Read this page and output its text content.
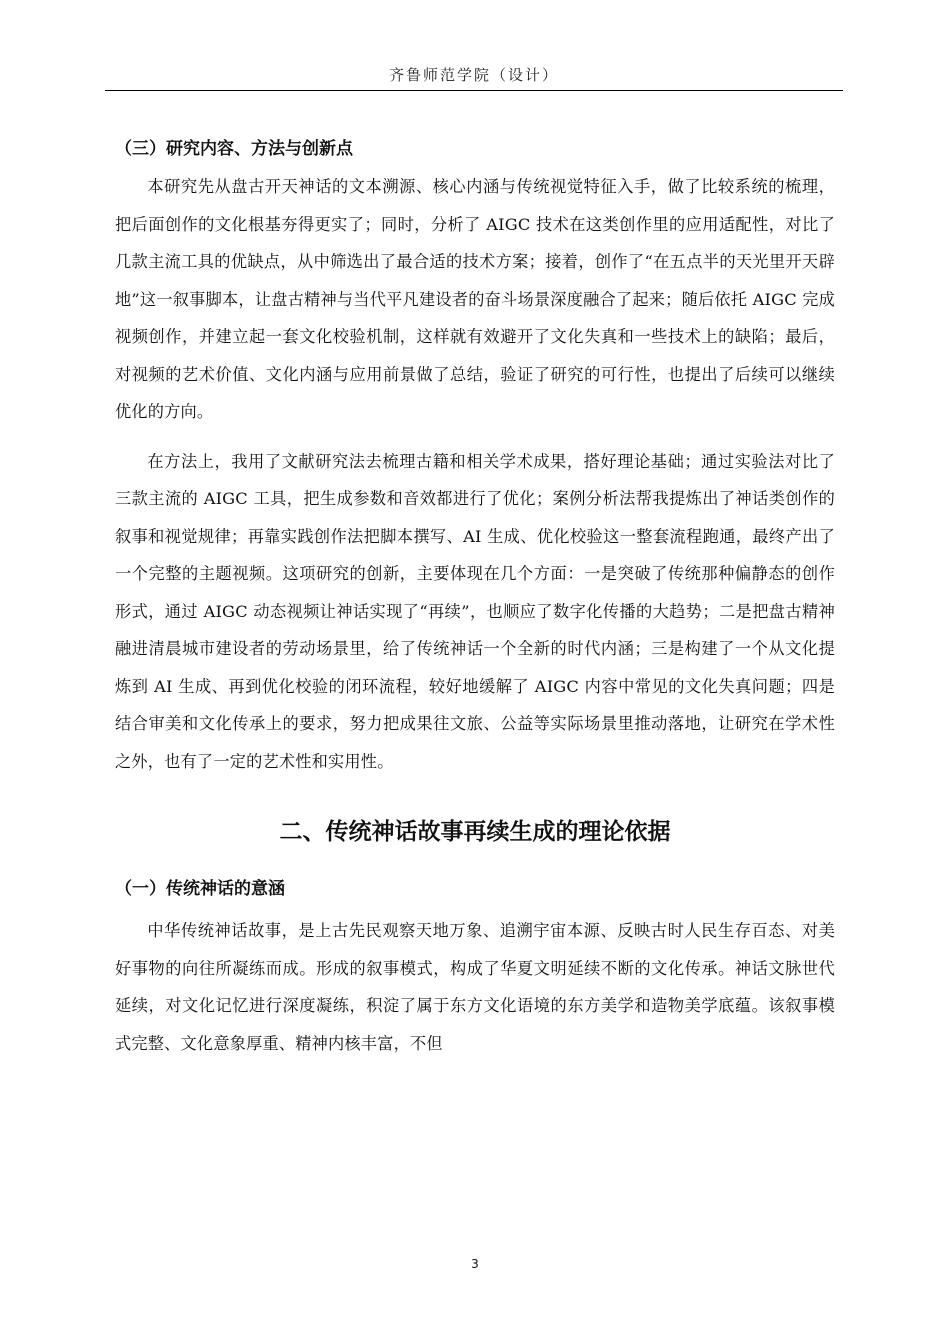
齐鲁师范学院（设计）
（三）研究内容、方法与创新点

本研究先从盘古开天神话的文本溯源、核心内涵与传统视觉特征入手，做了比较系统的梳理，把后面创作的文化根基夯得更实了；同时，分析了 AIGC 技术在这类创作里的应用适配性，对比了几款主流工具的优缺点，从中筛选出了最合适的技术方案；接着，创作了“在五点半的天光里开天辟地”这一叙事脚本，让盘古精神与当代平凡建设者的奋斗场景深度融合了起来；随后依托 AIGC 完成视频创作，并建立起一套文化校验机制，这样就有效避开了文化失真和一些技术上的缺陷；最后，对视频的艺术价值、文化内涵与应用前景做了总结，验证了研究的可行性，也提出了后续可以继续优化的方向。

在方法上，我用了文献研究法去梳理古籍和相关学术成果，搭好理论基础；通过实验法对比了三款主流的 AIGC 工具，把生成参数和音效都进行了优化；案例分析法帮我提炼出了神话类创作的叙事和视觉规律；再靠实践创作法把脚本撰写、AI 生成、优化校验这一整套流程跑通，最终产出了一个完整的主题视频。这项研究的创新，主要体现在几个方面：一是突破了传统那种偏静态的创作形式，通过 AIGC 动态视频让神话实现了“再续”，也顺应了数字化传播的大趋势；二是把盘古精神融进清晨城市建设者的劳动场景里，给了传统神话一个全新的时代内涵；三是构建了一个从文化提炼到 AI 生成、再到优化校验的闭环流程，较好地缓解了 AIGC 内容中常见的文化失真问题；四是结合审美和文化传承上的要求，努力把成果往文旅、公益等实际场景里推动落地，让研究在学术性之外，也有了一定的艺术性和实用性。

二、传统神话故事再续生成的理论依据
（一）传统神话的意涵

中华传统神话故事，是上古先民观察天地万象、追溯宇宙本源、反映古时人民生存百态、对美好事物的向往所凝练而成。形成的叙事模式，构成了华夏文明延续不断的文化传承。神话文脉世代延续，对文化记忆进行深度凝练，积淀了属于东方文化语境的东方美学和造物美学底蕴。该叙事模式完整、文化意象厚重、精神内核丰富，不但

3
